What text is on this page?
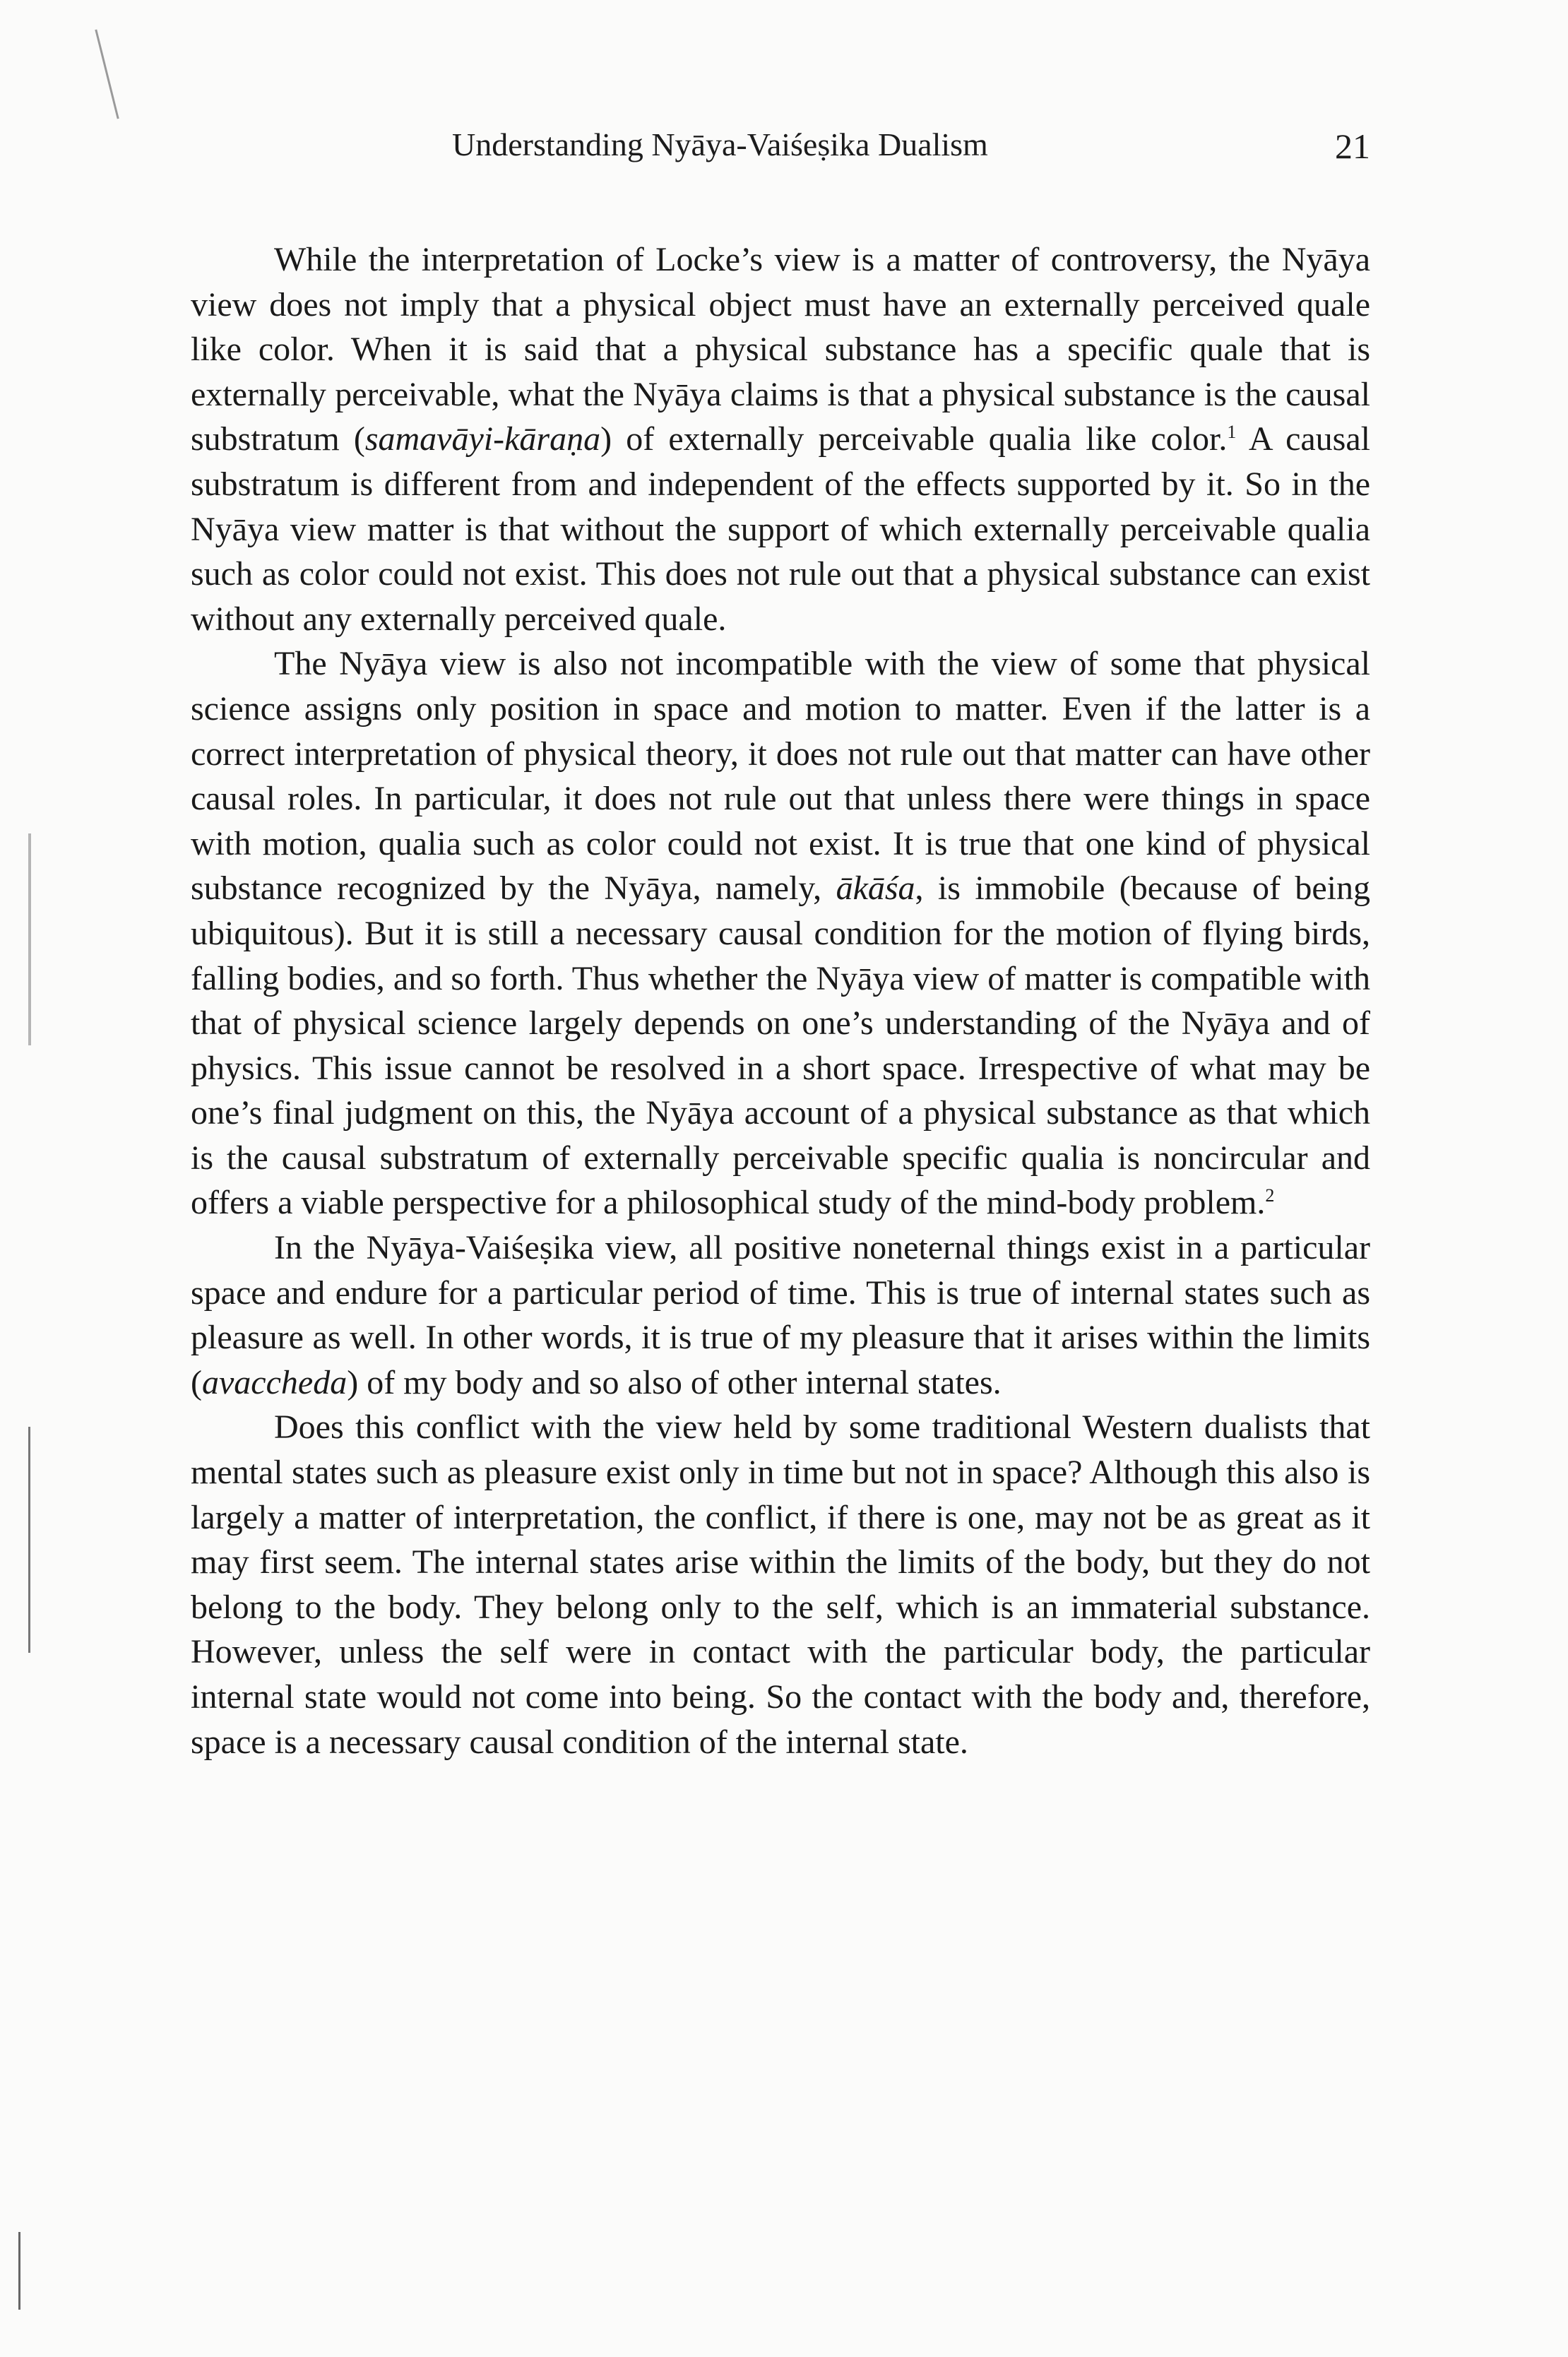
Understanding Nyāya-Vaiśeṣika Dualism	21

While the interpretation of Locke’s view is a matter of controversy, the Nyāya view does not imply that a physical object must have an externally perceived quale like color. When it is said that a physical substance has a specific quale that is externally perceivable, what the Nyāya claims is that a physical substance is the causal substratum (samavāyi-kāraṇa) of externally perceivable qualia like color.$^1$ A causal substratum is different from and independent of the effects supported by it. So in the Nyāya view matter is that without the support of which externally perceivable qualia such as color could not exist. This does not rule out that a physical substance can exist without any externally perceived quale.

The Nyāya view is also not incompatible with the view of some that physical science assigns only position in space and motion to matter. Even if the latter is a correct interpretation of physical theory, it does not rule out that matter can have other causal roles. In particular, it does not rule out that unless there were things in space with motion, qualia such as color could not exist. It is true that one kind of physical substance recognized by the Nyāya, namely, ākāśa, is immobile (because of being ubiquitous). But it is still a necessary causal condition for the motion of flying birds, falling bodies, and so forth. Thus whether the Nyāya view of matter is compatible with that of physical science largely depends on one’s understanding of the Nyāya and of physics. This issue cannot be resolved in a short space. Irrespective of what may be one’s final judgment on this, the Nyāya account of a physical substance as that which is the causal substratum of externally perceivable specific qualia is noncircular and offers a viable perspective for a philosophical study of the mind-body problem.$^2$

In the Nyāya-Vaiśeṣika view, all positive noneternal things exist in a particular space and endure for a particular period of time. This is true of internal states such as pleasure as well. In other words, it is true of my pleasure that it arises within the limits (avaccheda) of my body and so also of other internal states.

Does this conflict with the view held by some traditional Western dualists that mental states such as pleasure exist only in time but not in space? Although this also is largely a matter of interpretation, the conflict, if there is one, may not be as great as it may first seem. The internal states arise within the limits of the body, but they do not belong to the body. They belong only to the self, which is an immaterial substance. However, unless the self were in contact with the particular body, the particular internal state would not come into being. So the contact with the body and, therefore, space is a necessary causal condition of the internal state.
